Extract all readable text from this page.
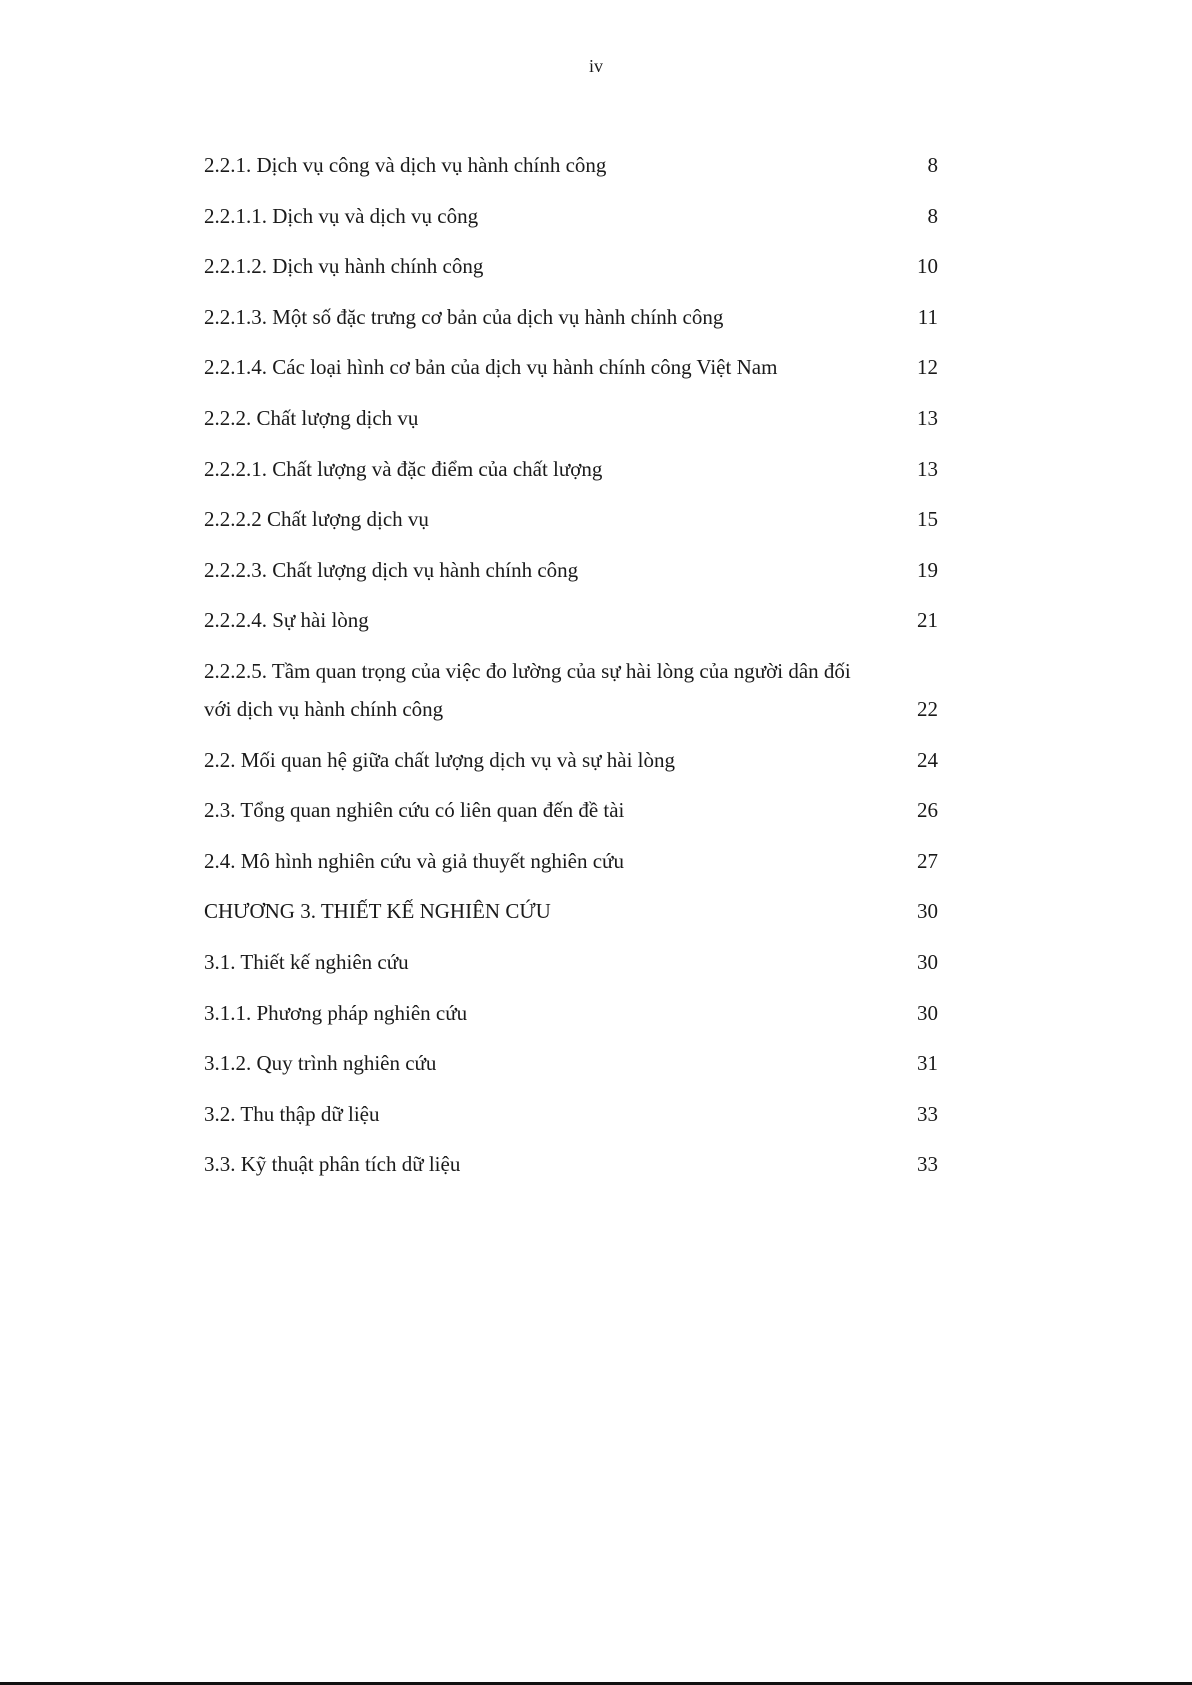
iv
2.2.1. Dịch vụ công và dịch vụ hành chính công	8
2.2.1.1. Dịch vụ và dịch vụ công	8
2.2.1.2. Dịch vụ hành chính công	10
2.2.1.3. Một số đặc trưng cơ bản của dịch vụ hành chính công	11
2.2.1.4. Các loại hình cơ bản của dịch vụ hành chính công Việt Nam	12
2.2.2. Chất lượng dịch vụ	13
2.2.2.1. Chất lượng và đặc điểm của chất lượng	13
2.2.2.2 Chất lượng dịch vụ	15
2.2.2.3. Chất lượng dịch vụ hành chính công	19
2.2.2.4. Sự hài lòng	21
2.2.2.5. Tầm quan trọng của việc đo lường của sự hài lòng của người dân đối
với dịch vụ hành chính công	22
2.2. Mối quan hệ giữa chất lượng dịch vụ và sự hài lòng	24
2.3. Tổng quan nghiên cứu có liên quan đến đề tài	26
2.4. Mô hình nghiên cứu và giả thuyết nghiên cứu	27
CHƯƠNG 3. THIẾT KẾ NGHIÊN CỨU	30
3.1. Thiết kế nghiên cứu	30
3.1.1. Phương pháp nghiên cứu	30
3.1.2. Quy trình nghiên cứu	31
3.2. Thu thập dữ liệu	33
3.3. Kỹ thuật phân tích dữ liệu	33
